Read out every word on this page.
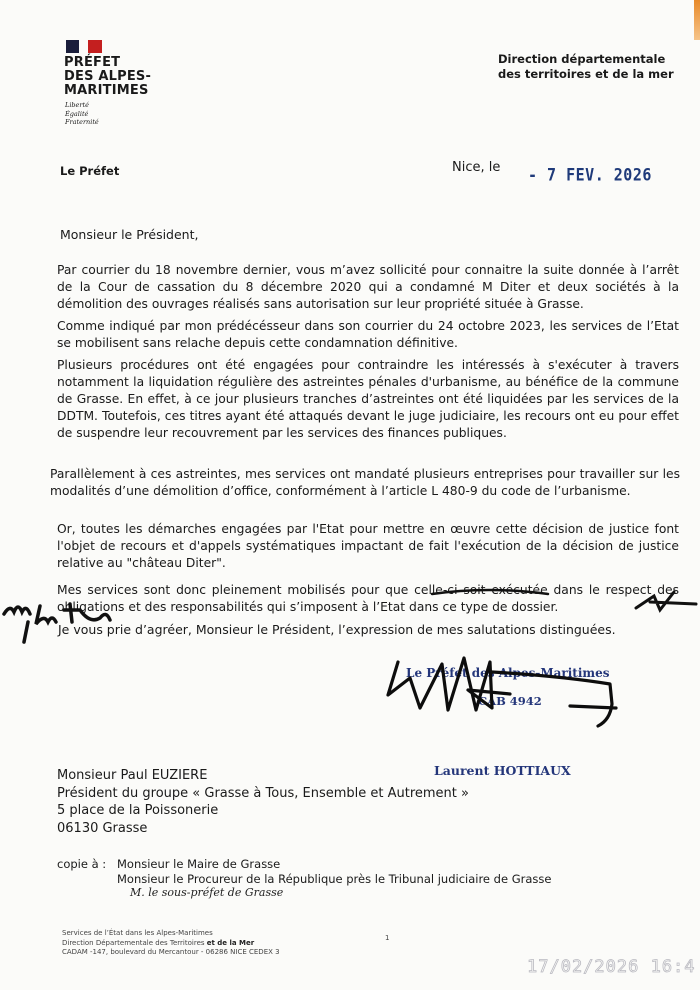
PRÉFET
DES ALPES-
MARITIMES
Liberté
Égalité
Fraternité
Direction départementale
des territoires et de la mer
Le Préfet	Nice, le - 7 FEV. 2026
Monsieur le Président,

Par courrier du 18 novembre dernier, vous m’avez sollicité pour connaitre la suite donnée à l’arrêt de la Cour de cassation du 8 décembre 2020 qui a condamné M Diter et deux sociétés à la démolition des ouvrages réalisés sans autorisation sur leur propriété située à Grasse.

Comme indiqué par mon prédécésseur dans son courrier du 24 octobre 2023, les services de l’Etat se mobilisent sans relache depuis cette condamnation définitive.

Plusieurs procédures ont été engagées pour contraindre les intéressés à s'exécuter à travers notamment la liquidation régulière des astreintes pénales d'urbanisme, au bénéfice de la commune de Grasse. En effet, à ce jour plusieurs tranches d’astreintes ont été liquidées par les services de la DDTM. Toutefois, ces titres ayant été attaqués devant le juge judiciaire, les recours ont eu pour effet de suspendre leur recouvrement par les services des finances publiques.

Parallèlement à ces astreintes, mes services ont mandaté plusieurs entreprises pour travailler sur les modalités d’une démolition d’office, conformément à l’article L 480-9 du code de l’urbanisme.

Or, toutes les démarches engagées par l'Etat pour mettre en œuvre cette décision de justice font l'objet de recours et d'appels systématiques impactant de fait l'exécution de la décision de justice relative au "château Diter".

Mes services sont donc pleinement mobilisés pour que celle-ci soit exécutée dans le respect des obligations et des responsabilités qui s’imposent à l’Etat dans ce type de dossier.

Je vous prie d’agréer, Monsieur le Président, l’expression de mes salutations distinguées.
Le Préfet des Alpes-Maritimes
CAB 4942
Laurent HOTTIAUX
Monsieur Paul EUZIERE
Président du groupe « Grasse à Tous, Ensemble et Autrement »
5 place de la Poissonerie
06130 Grasse
copie à : Monsieur le Maire de Grasse
Monsieur le Procureur de la République près le Tribunal judiciaire de Grasse
M. le sous-préfet de Grasse
Services de l’État dans les Alpes-Maritimes
Direction Départementale des Territoires et de la Mer
CADAM -147, boulevard du Mercantour - 06286 NICE CEDEX 3
1
17/02/2026 16:4
